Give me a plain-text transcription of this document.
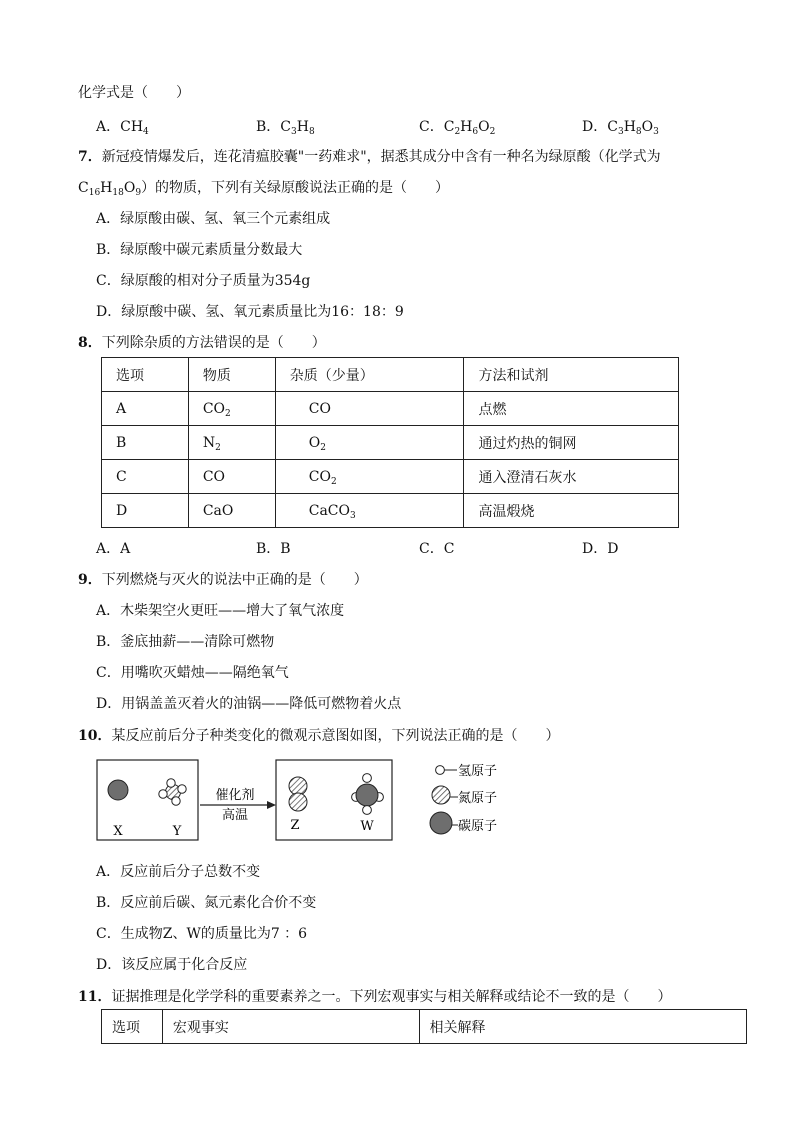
化学式是（　　）
A．$CH_4$	B．$C_3H_8$	C．$C_2H_6O_2$	D．$C_3H_8O_3$
7．新冠疫情爆发后，连花清瘟胶囊"一药难求"，据悉其成分中含有一种名为绿原酸（化学式为
$C_{16}H_{18}O_9$）的物质，下列有关绿原酸说法正确的是（　　）
A．绿原酸由碳、氢、氧三个元素组成
B．绿原酸中碳元素质量分数最大
C．绿原酸的相对分子质量为354g
D．绿原酸中碳、氢、氧元素质量比为16：18：9
8．下列除杂质的方法错误的是（　　）
选项	物质	杂质（少量）	方法和试剂
A	$CO_2$	CO	点燃
B	$N_2$	$O_2$	通过灼热的铜网
C	CO	$CO_2$	通入澄清石灰水
D	CaO	CaCO$_3$	高温煅烧
A．A	B．B	C．C	D．D
9．下列燃烧与灭火的说法中正确的是（　　）
A．木柴架空火更旺——增大了氧气浓度
B．釜底抽薪——清除可燃物
C．用嘴吹灭蜡烛——隔绝氧气
D．用锅盖盖灭着火的油锅——降低可燃物着火点
10．某反应前后分子种类变化的微观示意图如图，下列说法正确的是（　　）
X	Y	Z	W
催化剂
高温
氢原子
氮原子
碳原子
A．反应前后分子总数不变
B．反应前后碳、氮元素化合价不变
C．生成物Z、W的质量比为7 ：6
D．该反应属于化合反应
11．证据推理是化学学科的重要素养之一。下列宏观事实与相关解释或结论不一致的是（　　）
选项	宏观事实	相关解释
